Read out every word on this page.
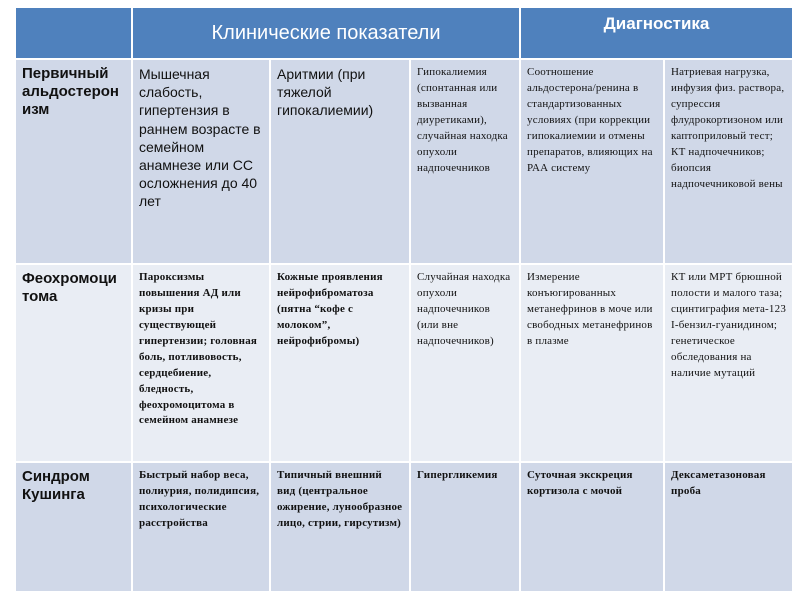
	Клинические показатели			Диагностика	
Первичный альдостерон изм	Мышечная слабость, гипертензия в раннем возрасте в семейном анамнезе или СС осложнения до 40 лет	Аритмии (при тяжелой гипокалиемии)	Гипокалиемия (спонтанная или вызванная диуретиками), случайная находка опухоли надпочечников	Соотношение альдостерона/ренина в стандартизованных условиях (при коррекции гипокалиемии и отмены препаратов, влияющих на РАА систему	Натриевая нагрузка, инфузия физ. раствора, супрессия флудрокортизоном или каптоприловый тест; КТ надпочечников; биопсия надпочечниковой вены
Феохромоци тома	Пароксизмы повышения АД или кризы при существующей гипертензии; головная боль, потливовость, сердцебиение, бледность, феохромоцитома в семейном анамнезе	Кожные проявления нейрофиброматоза (пятна “кофе с молоком”, нейрофибромы)	Случайная находка опухоли надпочечников (или вне надпочечников)	Измерение конъюгированных метанефринов в моче или свободных метанефринов в плазме	КТ или МРТ брюшной полости и малого таза; сцинтиграфия мета-123 I-бензил-гуанидином; генетическое обследования на наличие мутаций
Синдром Кушинга	Быстрый набор веса, полиурия, полидипсия, психологические расстройства	Типичный внешний вид (центральное ожирение, лунообразное лицо, стрии, гирсутизм)	Гипергликемия	Суточная экскреция кортизола с мочой	Дексаметазоновая проба
